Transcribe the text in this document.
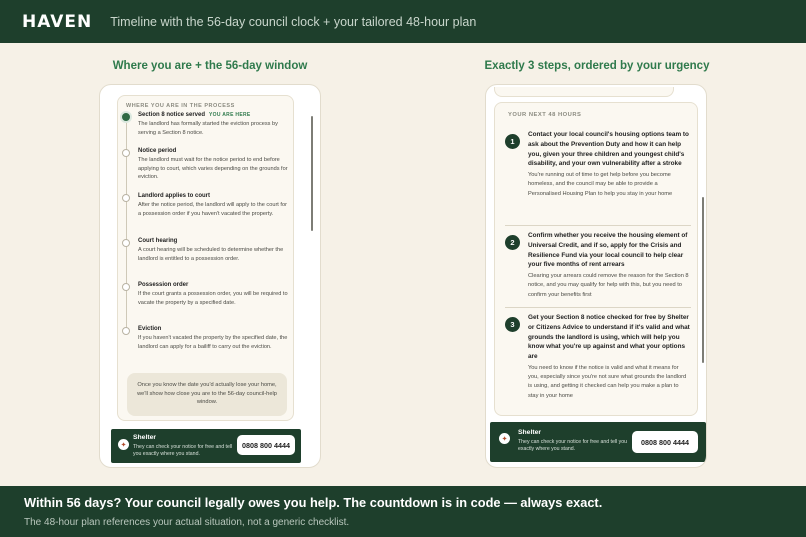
HAVEN Timeline with the 56-day council clock + your tailored 48-hour plan
Where you are + the 56-day window	Exactly 3 steps, ordered by your urgency
WHERE YOU ARE IN THE PROCESS
Section 8 notice served YOU ARE HERE
The landlord has formally started the eviction process by serving a Section 8 notice.
Notice period
The landlord must wait for the notice period to end before applying to court, which varies depending on the grounds for eviction.
Landlord applies to court
After the notice period, the landlord will apply to the court for a possession order if you haven't vacated the property.
Court hearing
A court hearing will be scheduled to determine whether the landlord is entitled to a possession order.
Possession order
If the court grants a possession order, you will be required to vacate the property by a specified date.
Eviction
If you haven't vacated the property by the specified date, the landlord can apply for a bailiff to carry out the eviction.
Once you know the date you'd actually lose your home, we'll show how close you are to the 56-day council-help window.
✦
Shelter
They can check your notice for free and tell you exactly where you stand.
0808 800 4444
YOUR NEXT 48 HOURS
1
Contact your local council's housing options team to ask about the Prevention Duty and how it can help you, given your three children and youngest child's disability, and your own vulnerability after a stroke
You're running out of time to get help before you become homeless, and the council may be able to provide a Personalised Housing Plan to help you stay in your home
2
Confirm whether you receive the housing element of Universal Credit, and if so, apply for the Crisis and Resilience Fund via your local council to help clear your five months of rent arrears
Clearing your arrears could remove the reason for the Section 8 notice, and you may qualify for help with this, but you need to confirm your benefits first
3
Get your Section 8 notice checked for free by Shelter or Citizens Advice to understand if it's valid and what grounds the landlord is using, which will help you know what you're up against and what your options are
You need to know if the notice is valid and what it means for you, especially since you're not sure what grounds the landlord is using, and getting it checked can help you make a plan to stay in your home
✦
Shelter
They can check your notice for free and tell you exactly where you stand.
0808 800 4444
Within 56 days? Your council legally owes you help. The countdown is in code — always exact.
The 48-hour plan references your actual situation, not a generic checklist.
